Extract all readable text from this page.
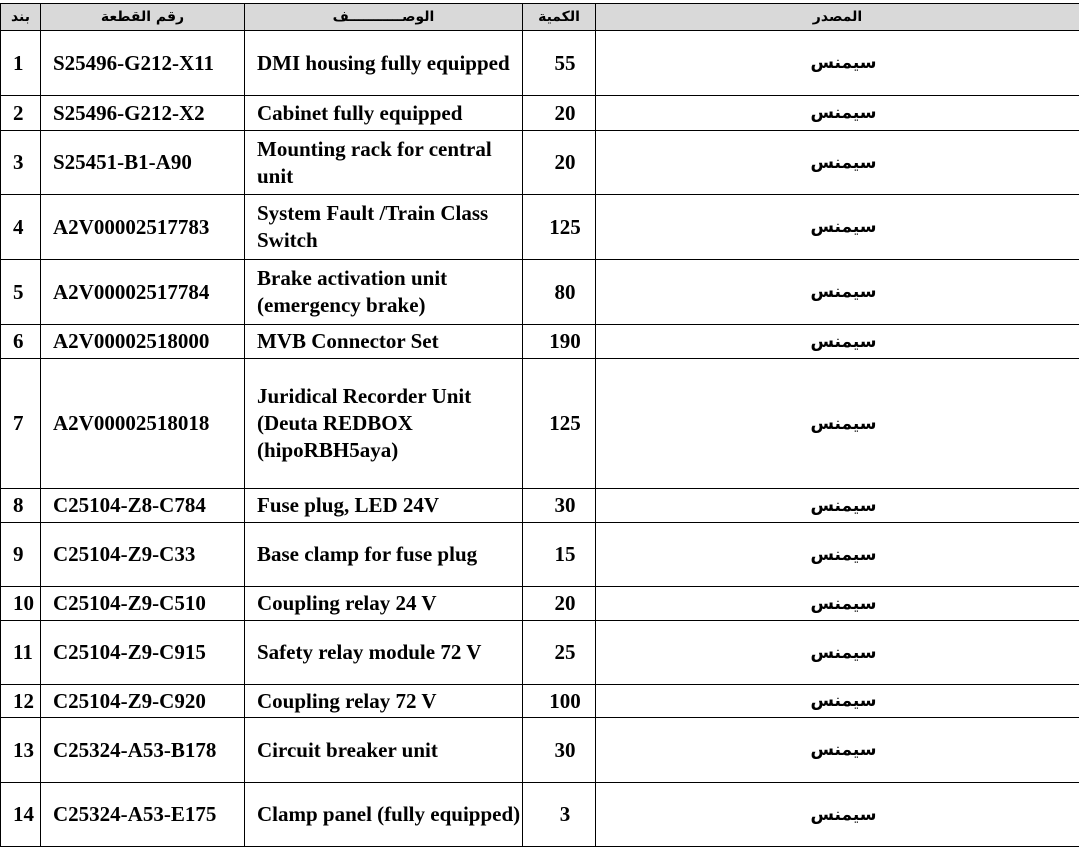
بند	رقم القطعة	الوصـــــــــــف	الكمية	المصدر
1	S25496-G212-X11	DMI housing fully equipped	55	سيمنس
2	S25496-G212-X2	Cabinet fully equipped	20	سيمنس
3	S25451-B1-A90	Mounting rack for central unit	20	سيمنس
4	A2V00002517783	System Fault /Train Class Switch	125	سيمنس
5	A2V00002517784	Brake activation unit (emergency brake)	80	سيمنس
6	A2V00002518000	MVB Connector Set	190	سيمنس
7	A2V00002518018	Juridical Recorder Unit (Deuta REDBOX (hipoRBH5aya)	125	سيمنس
8	C25104-Z8-C784	Fuse plug, LED 24V	30	سيمنس
9	C25104-Z9-C33	Base clamp for fuse plug	15	سيمنس
10	C25104-Z9-C510	Coupling relay 24 V	20	سيمنس
11	C25104-Z9-C915	Safety relay module 72 V	25	سيمنس
12	C25104-Z9-C920	Coupling relay 72 V	100	سيمنس
13	C25324-A53-B178	Circuit breaker unit	30	سيمنس
14	C25324-A53-E175	Clamp panel (fully equipped)	3	سيمنس
